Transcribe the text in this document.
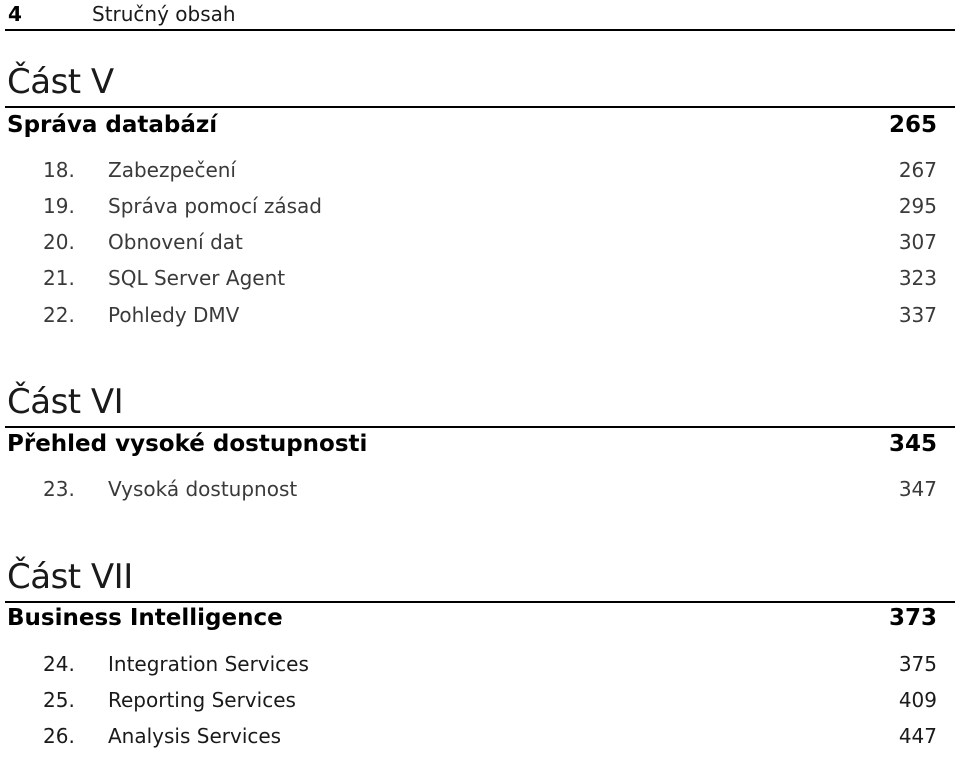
4	Stručný obsah
Část V
Správa databází	265
18. Zabezpečení	267
19. Správa pomocí zásad	295
20. Obnovení dat	307
21. SQL Server Agent	323
22. Pohledy DMV	337
Část VI
Přehled vysoké dostupnosti	345
23. Vysoká dostupnost	347
Část VII
Business Intelligence	373
24. Integration Services	375
25. Reporting Services	409
26. Analysis Services	447
